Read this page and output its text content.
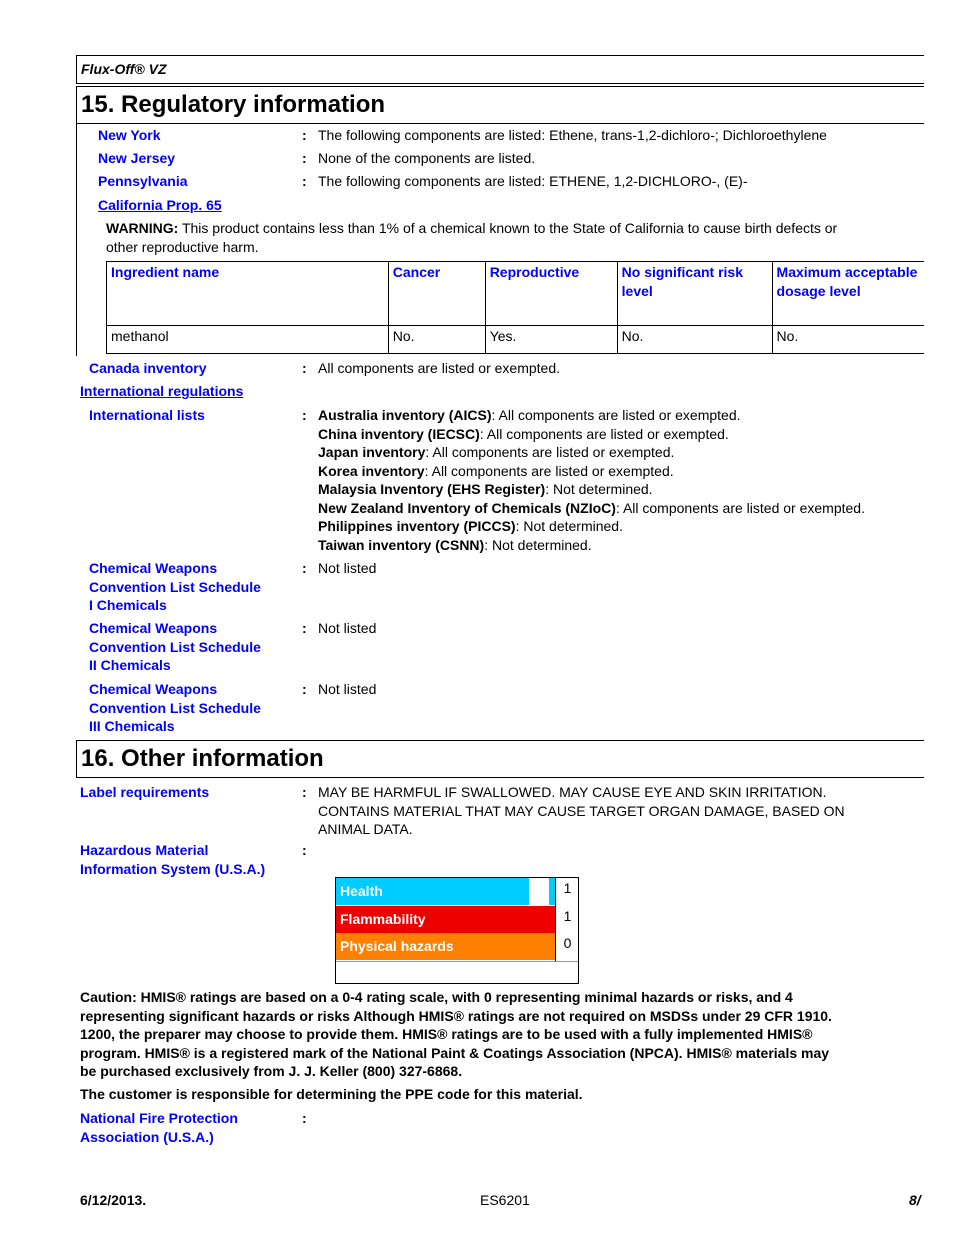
Flux-Off® VZ
15. Regulatory information
New York	: The following components are listed: Ethene, trans-1,2-dichloro-; Dichloroethylene
New Jersey	: None of the components are listed.
Pennsylvania	: The following components are listed: ETHENE, 1,2-DICHLORO-, (E)-
California Prop. 65
WARNING: This product contains less than 1% of a chemical known to the State of California to cause birth defects or
other reproductive harm.
Ingredient name	Cancer	Reproductive	No significant risk level	Maximum acceptable dosage level
methanol	No.	Yes.	No.	No.
Canada inventory	: All components are listed or exempted.
International regulations
International lists	: Australia inventory (AICS): All components are listed or exempted.
China inventory (IECSC): All components are listed or exempted.
Japan inventory: All components are listed or exempted.
Korea inventory: All components are listed or exempted.
Malaysia Inventory (EHS Register): Not determined.
New Zealand Inventory of Chemicals (NZIoC): All components are listed or exempted.
Philippines inventory (PICCS): Not determined.
Taiwan inventory (CSNN): Not determined.
Chemical Weapons
Convention List Schedule
I Chemicals
: Not listed
Chemical Weapons
Convention List Schedule
II Chemicals
: Not listed
Chemical Weapons
Convention List Schedule
III Chemicals
: Not listed
16. Other information
Label requirements	: MAY BE HARMFUL IF SWALLOWED. MAY CAUSE EYE AND SKIN IRRITATION.
CONTAINS MATERIAL THAT MAY CAUSE TARGET ORGAN DAMAGE, BASED ON
ANIMAL DATA.
Hazardous Material
Information System (U.S.A.)
:
Health	1
Flammability	1
Physical hazards	0
Caution: HMIS® ratings are based on a 0-4 rating scale, with 0 representing minimal hazards or risks, and 4
representing significant hazards or risks Although HMIS® ratings are not required on MSDSs under 29 CFR 1910.
1200, the preparer may choose to provide them. HMIS® ratings are to be used with a fully implemented HMIS®
program. HMIS® is a registered mark of the National Paint & Coatings Association (NPCA). HMIS® materials may
be purchased exclusively from J. J. Keller (800) 327-6868.
The customer is responsible for determining the PPE code for this material.
National Fire Protection
Association (U.S.A.)
:
6/12/2013.	ES6201	8/
